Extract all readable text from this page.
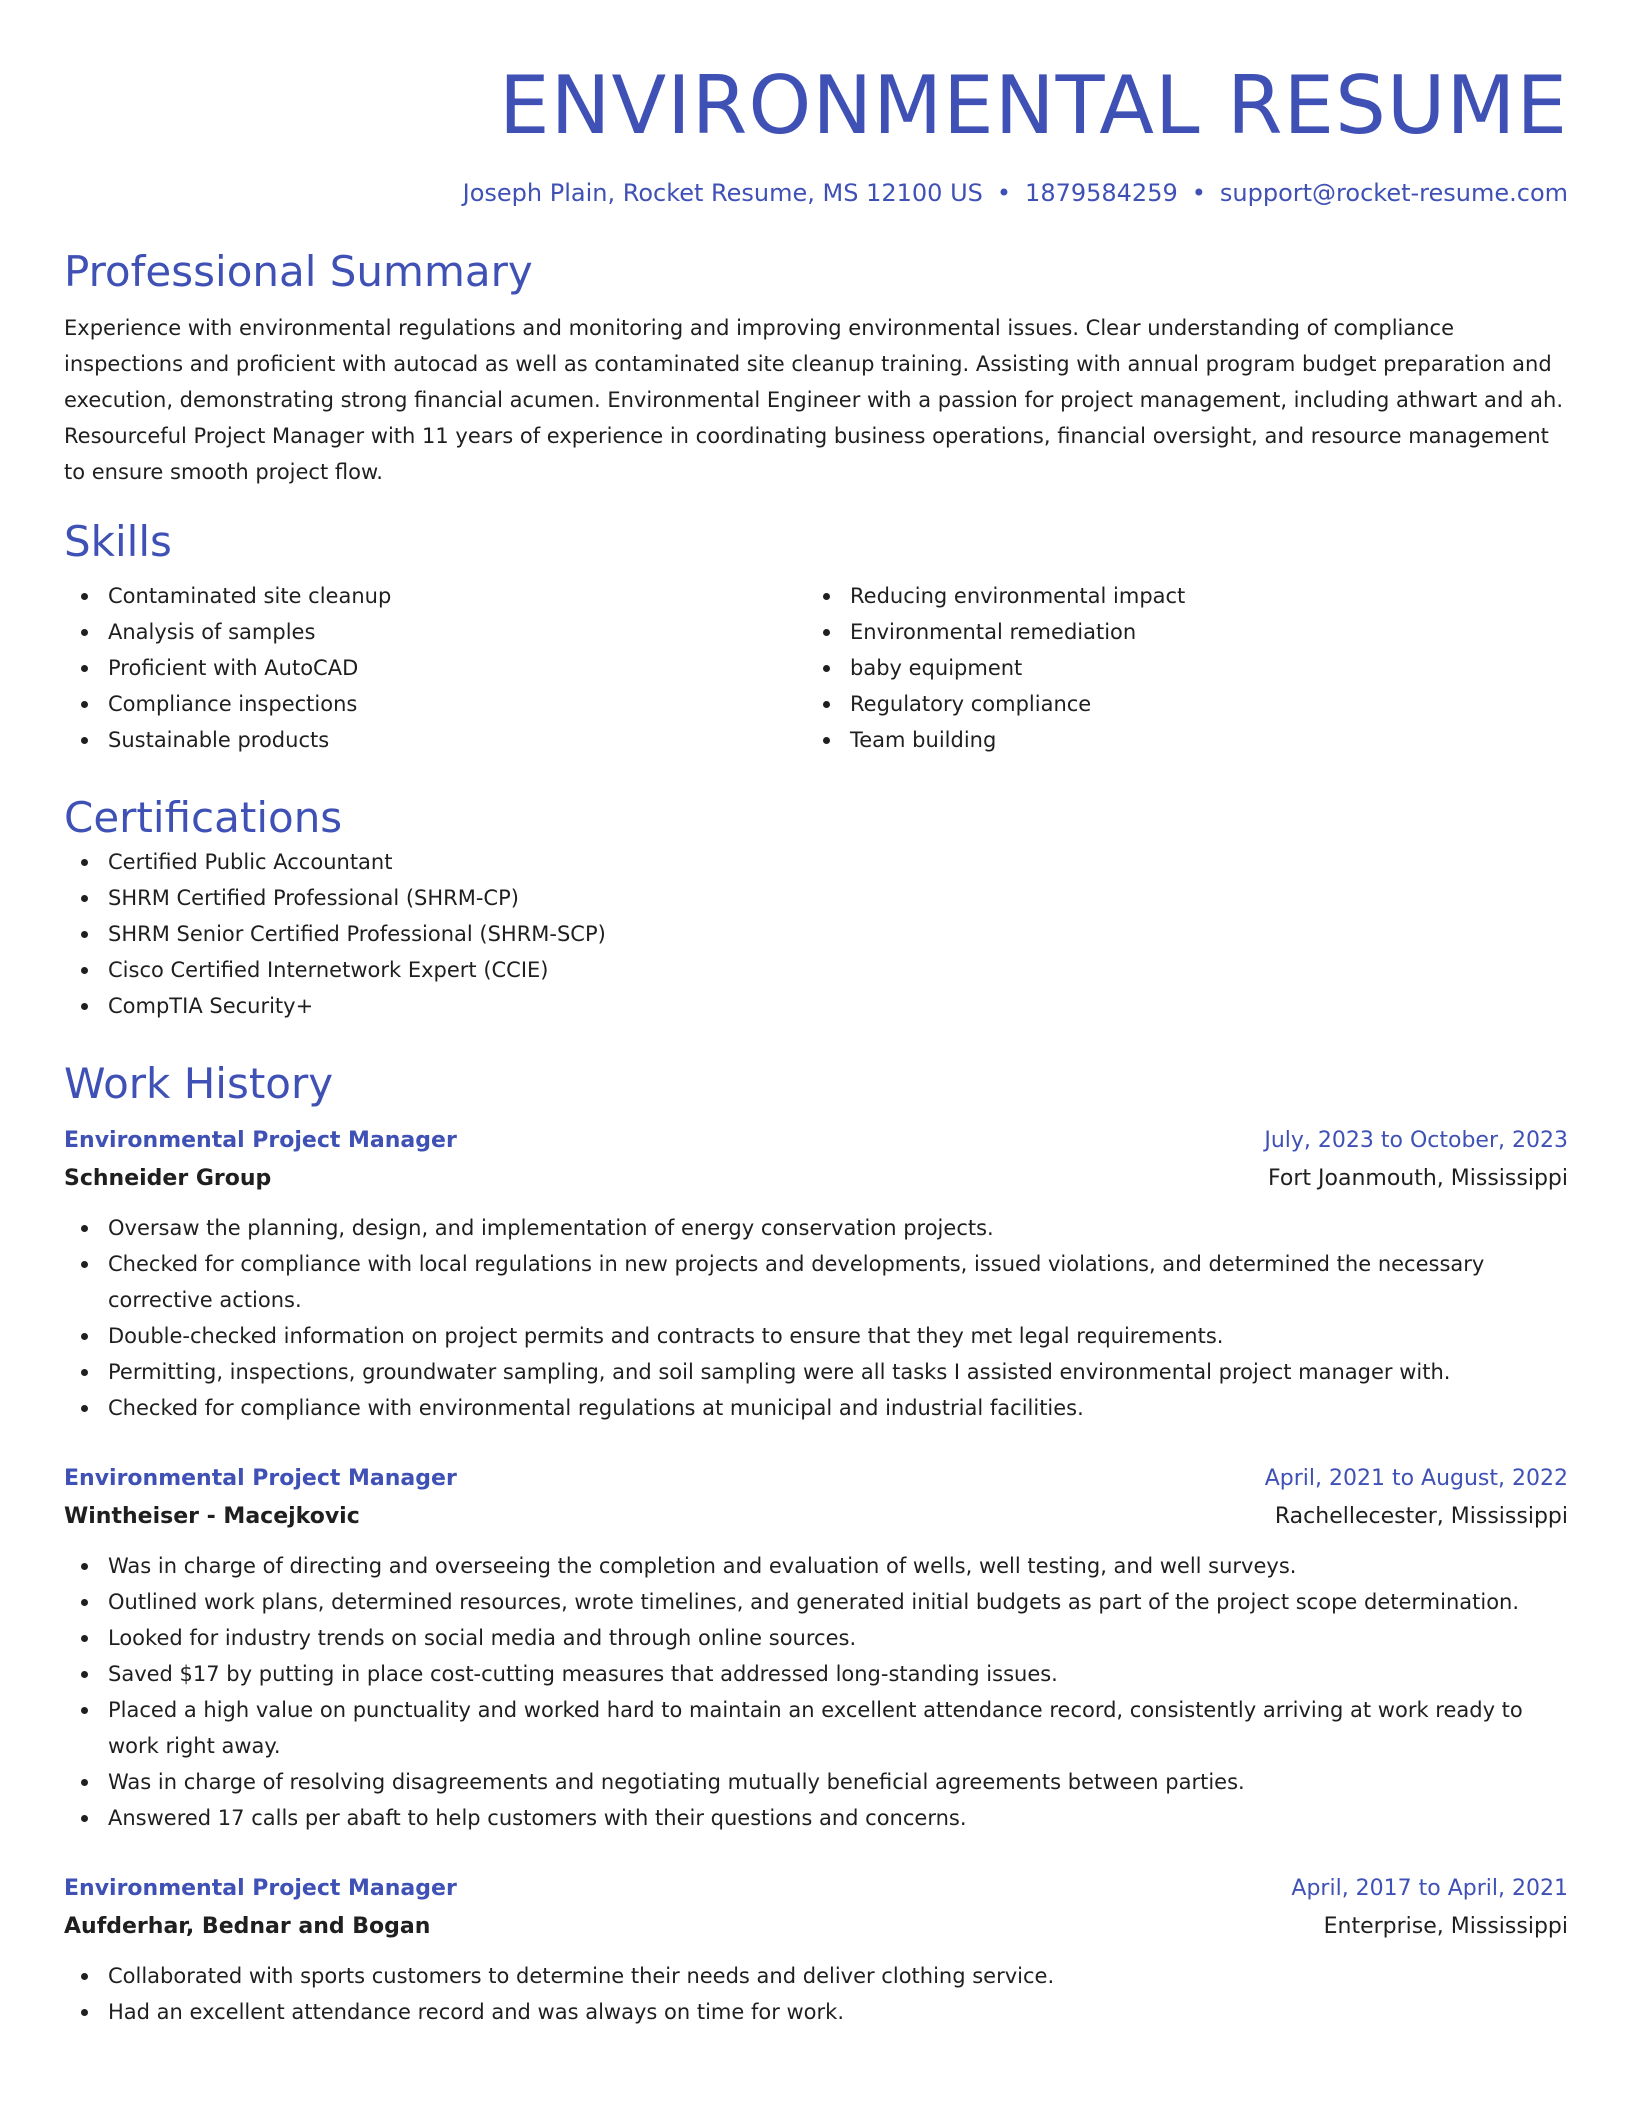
ENVIRONMENTAL RESUME
Joseph Plain, Rocket Resume, MS 12100 US • 1879584259 • support@rocket-resume.com
Professional Summary

Experience with environmental regulations and monitoring and improving environmental issues. Clear understanding of compliance inspections and proficient with autocad as well as contaminated site cleanup training. Assisting with annual program budget preparation and execution, demonstrating strong financial acumen. Environmental Engineer with a passion for project management, including athwart and ah. Resourceful Project Manager with 11 years of experience in coordinating business operations, financial oversight, and resource management to ensure smooth project flow.

Skills
Contaminated site cleanup
Analysis of samples
Proficient with AutoCAD
Compliance inspections
Sustainable products
Reducing environmental impact
Environmental remediation
baby equipment
Regulatory compliance
Team building
Certifications
Certified Public Accountant
SHRM Certified Professional (SHRM-CP)
SHRM Senior Certified Professional (SHRM-SCP)
Cisco Certified Internetwork Expert (CCIE)
CompTIA Security+
Work History
Environmental Project Manager	July, 2023 to October, 2023
Schneider Group	Fort Joanmouth, Mississippi
Oversaw the planning, design, and implementation of energy conservation projects.
Checked for compliance with local regulations in new projects and developments, issued violations, and determined the necessary corrective actions.
Double-checked information on project permits and contracts to ensure that they met legal requirements.
Permitting, inspections, groundwater sampling, and soil sampling were all tasks I assisted environmental project manager with.
Checked for compliance with environmental regulations at municipal and industrial facilities.
Environmental Project Manager	April, 2021 to August, 2022
Wintheiser - Macejkovic	Rachellecester, Mississippi
Was in charge of directing and overseeing the completion and evaluation of wells, well testing, and well surveys.
Outlined work plans, determined resources, wrote timelines, and generated initial budgets as part of the project scope determination.
Looked for industry trends on social media and through online sources.
Saved $17 by putting in place cost-cutting measures that addressed long-standing issues.
Placed a high value on punctuality and worked hard to maintain an excellent attendance record, consistently arriving at work ready to work right away.
Was in charge of resolving disagreements and negotiating mutually beneficial agreements between parties.
Answered 17 calls per abaft to help customers with their questions and concerns.
Environmental Project Manager	April, 2017 to April, 2021
Aufderhar, Bednar and Bogan	Enterprise, Mississippi
Collaborated with sports customers to determine their needs and deliver clothing service.
Had an excellent attendance record and was always on time for work.
